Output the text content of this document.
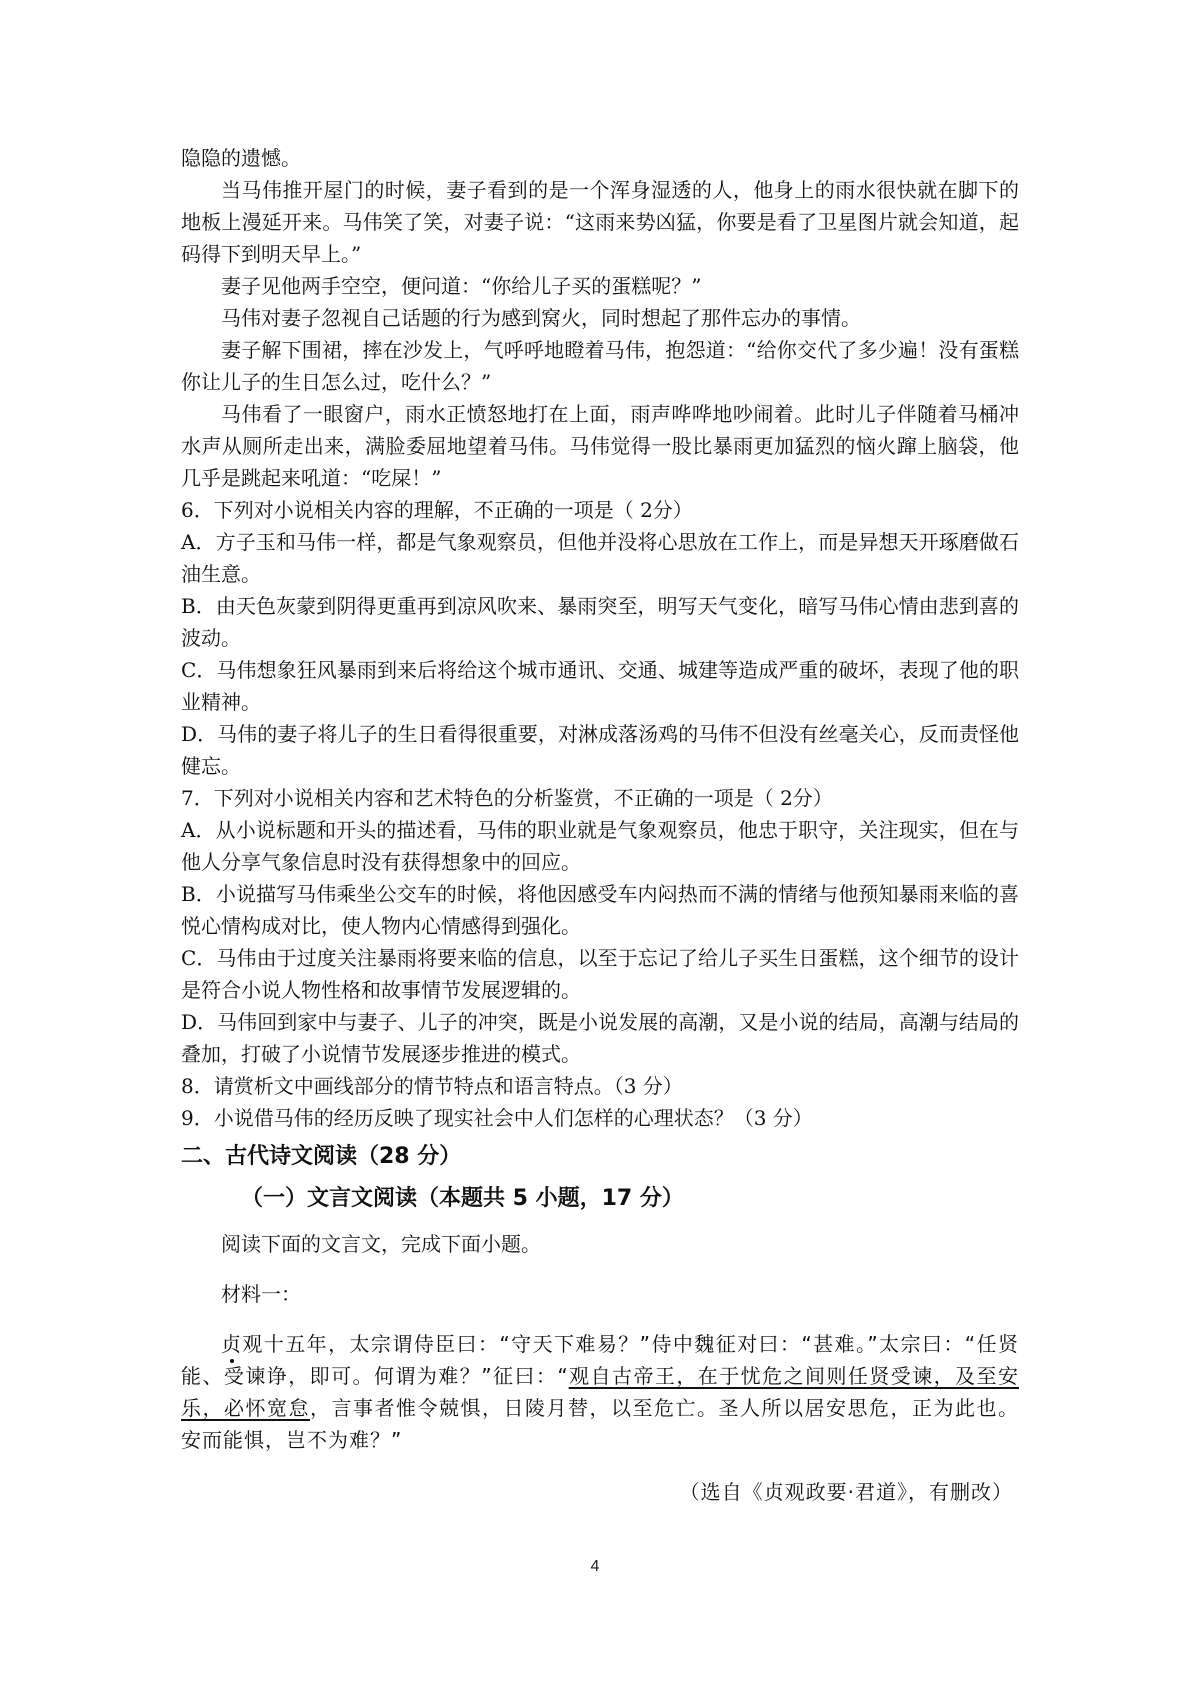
隐隐的遗憾。

当马伟推开屋门的时候，妻子看到的是一个浑身湿透的人，他身上的雨水很快就在脚下的地板上漫延开来。马伟笑了笑，对妻子说：“这雨来势凶猛，你要是看了卫星图片就会知道，起码得下到明天早上。”

妻子见他两手空空，便问道：“你给儿子买的蛋糕呢？”

马伟对妻子忽视自己话题的行为感到窝火，同时想起了那件忘办的事情。

妻子解下围裙，摔在沙发上，气呼呼地瞪着马伟，抱怨道：“给你交代了多少遍！没有蛋糕你让儿子的生日怎么过，吃什么？”

马伟看了一眼窗户，雨水正愤怒地打在上面，雨声哗哗地吵闹着。此时儿子伴随着马桶冲水声从厕所走出来，满脸委屈地望着马伟。马伟觉得一股比暴雨更加猛烈的恼火蹿上脑袋，他几乎是跳起来吼道：“吃屎！”

6．下列对小说相关内容的理解，不正确的一项是（ 2分）

A．方子玉和马伟一样，都是气象观察员，但他并没将心思放在工作上，而是异想天开琢磨做石油生意。

B．由天色灰蒙到阴得更重再到凉风吹来、暴雨突至，明写天气变化，暗写马伟心情由悲到喜的波动。

C．马伟想象狂风暴雨到来后将给这个城市通讯、交通、城建等造成严重的破坏，表现了他的职业精神。

D．马伟的妻子将儿子的生日看得很重要，对淋成落汤鸡的马伟不但没有丝毫关心，反而责怪他健忘。

7．下列对小说相关内容和艺术特色的分析鉴赏，不正确的一项是（ 2分）

A．从小说标题和开头的描述看，马伟的职业就是气象观察员，他忠于职守，关注现实，但在与他人分享气象信息时没有获得想象中的回应。

B．小说描写马伟乘坐公交车的时候，将他因感受车内闷热而不满的情绪与他预知暴雨来临的喜悦心情构成对比，使人物内心情感得到强化。

C．马伟由于过度关注暴雨将要来临的信息，以至于忘记了给儿子买生日蛋糕，这个细节的设计是符合小说人物性格和故事情节发展逻辑的。

D．马伟回到家中与妻子、儿子的冲突，既是小说发展的高潮，又是小说的结局，高潮与结局的叠加，打破了小说情节发展逐步推进的模式。

8．请赏析文中画线部分的情节特点和语言特点。（3 分）

9．小说借马伟的经历反映了现实社会中人们怎样的心理状态？（3 分）

二、古代诗文阅读（28 分）
（一）文言文阅读（本题共 5 小题，17 分）

阅读下面的文言文，完成下面小题。

材料一：

贞观十五年，太宗谓侍臣曰：“守天下难易？”侍中魏征对曰：“甚难。”太宗曰：“任贤能、受谏诤，即可。何谓为难？”征曰：“观自古帝王，在于忧危之间则任贤受谏，及至安乐，必怀宽怠，言事者惟令兢惧，日陵月替，以至危亡。圣人所以居安思危，正为此也。安而能惧，岂不为难？”

（选自《贞观政要·君道》，有删改）
4
